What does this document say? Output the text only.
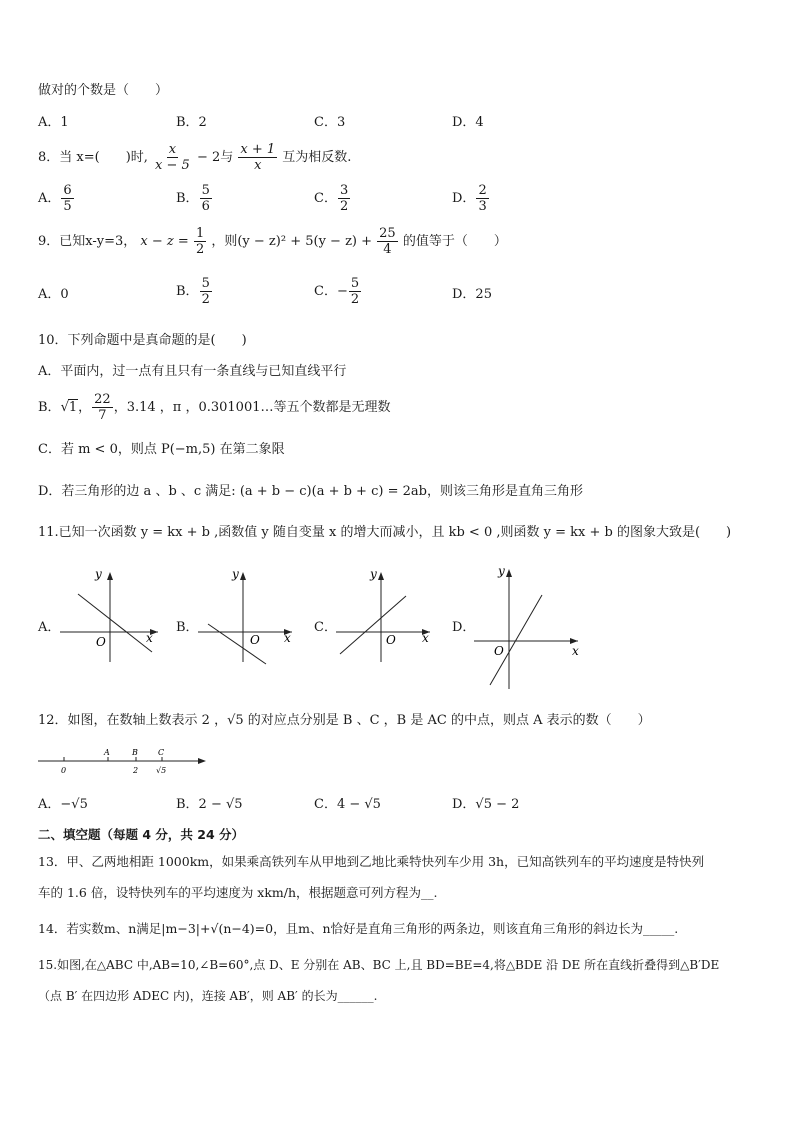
做对的个数是（　　）
A．1	B．2	C．3	D．4
8．当 x=(　　)时, $\frac{x}{x - 5} - 2$与 $\frac{x + 1}{x}$ 互为相反数.
A． $\frac{6}{5}$	B． $\frac{5}{6}$	C． $\frac{3}{2}$	D． $\frac{2}{3}$
9．已知x-y=3， $x - z = \frac{1}{2}$ ，则$(y - z)^2 + 5(y - z) + \frac{25}{4}$ 的值等于（　　）
A．0	B． $\frac{5}{2}$	C．− $\frac{5}{2}$	D．25
10．下列命题中是真命题的是(　　)
A．平面内，过一点有且只有一条直线与已知直线平行
B．√1， $\frac{22}{7}$ ，3.14 ，π ，0.301001…等五个数都是无理数
C．若 m < 0，则点 P(−m,5) 在第二象限
D．若三角形的边 a 、b 、c 满足: (a + b − c)(a + b + c) = 2ab，则该三角形是直角三角形
11.已知一次函数 y = kx + b ,函数值 y 随自变量 x 的增大而减小，且 kb < 0 ,则函数 y = kx + b 的图象大致是(　　)
A．	B．	C．	D．
y
x
O
y
x
O
y
x
O
y
x
O
12．如图，在数轴上数表示 2 ，√5 的对应点分别是 B 、C ，B 是 AC 的中点，则点 A 表示的数（　　）
0
A	B
2
C
√5
A．−√5	B．2 − √5	C．4 − √5	D．√5 − 2
二、填空题（每题 4 分，共 24 分）
13．甲、乙两地相距 1000km，如果乘高铁列车从甲地到乙地比乘特快列车少用 3h，已知高铁列车的平均速度是特快列
车的 1.6 倍，设特快列车的平均速度为 xkm/h，根据题意可列方程为__.
14．若实数m、n满足|m−3|+√(n−4)=0，且m、n恰好是直角三角形的两条边，则该直角三角形的斜边长为_____.
15.如图,在△ABC 中,AB=10,∠B=60°,点 D、E 分别在 AB、BC 上,且 BD=BE=4,将△BDE 沿 DE 所在直线折叠得到△B′DE
（点 B′ 在四边形 ADEC 内)，连接 AB′，则 AB′ 的长为______.
